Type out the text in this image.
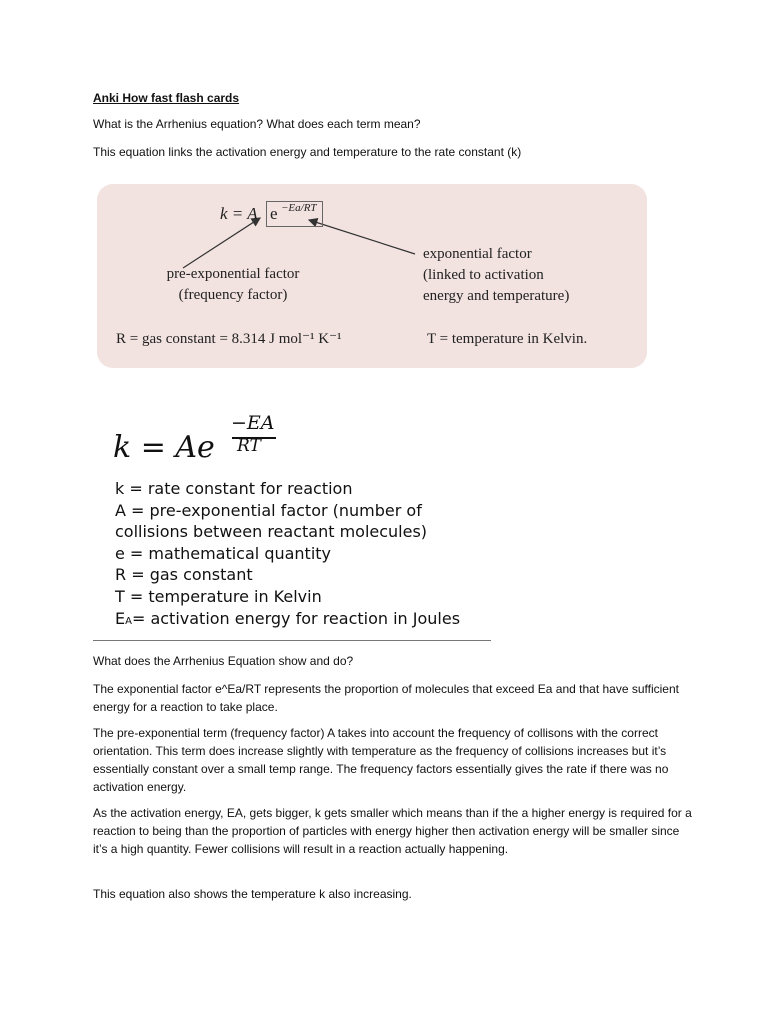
Anki How fast flash cards
What is the Arrhenius equation? What does each term mean?
This equation links the activation energy and temperature to the rate constant (k)
k = A e −Ea/RT
pre-exponential factor
(frequency factor)
exponential factor
(linked to activation
energy and temperature)
R = gas constant = 8.314 J mol⁻¹ K⁻¹	T = temperature in Kelvin.
k = Ae
−EA
RT
k = rate constant for reaction
A = pre-exponential factor (number of
collisions between reactant molecules)
e = mathematical quantity
R = gas constant
T = temperature in Kelvin
EA= activation energy for reaction in Joules
What does the Arrhenius Equation show and do?
The exponential factor e^Ea/RT represents the proportion of molecules that exceed Ea and that have sufficient energy for a reaction to take place.
The pre-exponential term (frequency factor) A takes into account the frequency of collisons with the correct orientation. This term does increase slightly with temperature as the frequency of collisions increases but it’s essentially constant over a small temp range. The frequency factors essentially gives the rate if there was no activation energy.
As the activation energy, EA, gets bigger, k gets smaller which means than if the a higher energy is required for a reaction to being than the proportion of particles with energy higher then activation energy will be smaller since it’s a high quantity. Fewer collisions will result in a reaction actually happening.
This equation also shows the temperature k also increasing.
